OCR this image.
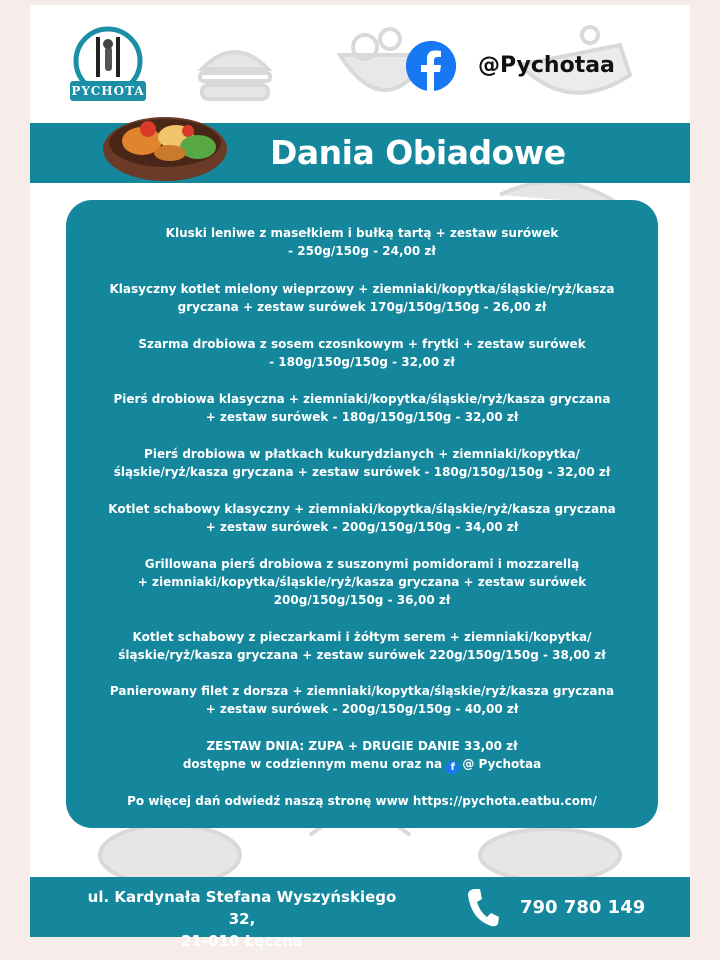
PYCHOTA
@Pychotaa
Dania Obiadowe
Kluski leniwe z masełkiem i bułką tartą + zestaw surówek
- 250g/150g - 24,00 zł
Klasyczny kotlet mielony wieprzowy + ziemniaki/kopytka/śląskie/ryż/kasza
gryczana + zestaw surówek 170g/150g/150g - 26,00 zł
Szarma drobiowa z sosem czosnkowym + frytki + zestaw surówek
- 180g/150g/150g - 32,00 zł
Pierś drobiowa klasyczna + ziemniaki/kopytka/śląskie/ryż/kasza gryczana
+ zestaw surówek - 180g/150g/150g - 32,00 zł
Pierś drobiowa w płatkach kukurydzianych + ziemniaki/kopytka/
śląskie/ryż/kasza gryczana + zestaw surówek - 180g/150g/150g - 32,00 zł
Kotlet schabowy klasyczny + ziemniaki/kopytka/śląskie/ryż/kasza gryczana
+ zestaw surówek - 200g/150g/150g - 34,00 zł
Grillowana pierś drobiowa z suszonymi pomidorami i mozzarellą
+ ziemniaki/kopytka/śląskie/ryż/kasza gryczana + zestaw surówek
200g/150g/150g - 36,00 zł
Kotlet schabowy z pieczarkami i żółtym serem + ziemniaki/kopytka/
śląskie/ryż/kasza gryczana + zestaw surówek 220g/150g/150g - 38,00 zł
Panierowany filet z dorsza + ziemniaki/kopytka/śląskie/ryż/kasza gryczana
+ zestaw surówek - 200g/150g/150g - 40,00 zł
ZESTAW DNIA: ZUPA + DRUGIE DANIE 33,00 zł
dostępne w codziennym menu oraz na f @ Pychotaa
Po więcej dań odwiedź naszą stronę www https://pychota.eatbu.com/
ul. Kardynała Stefana Wyszyńskiego 32,
21-010 Łęczna
790 780 149
